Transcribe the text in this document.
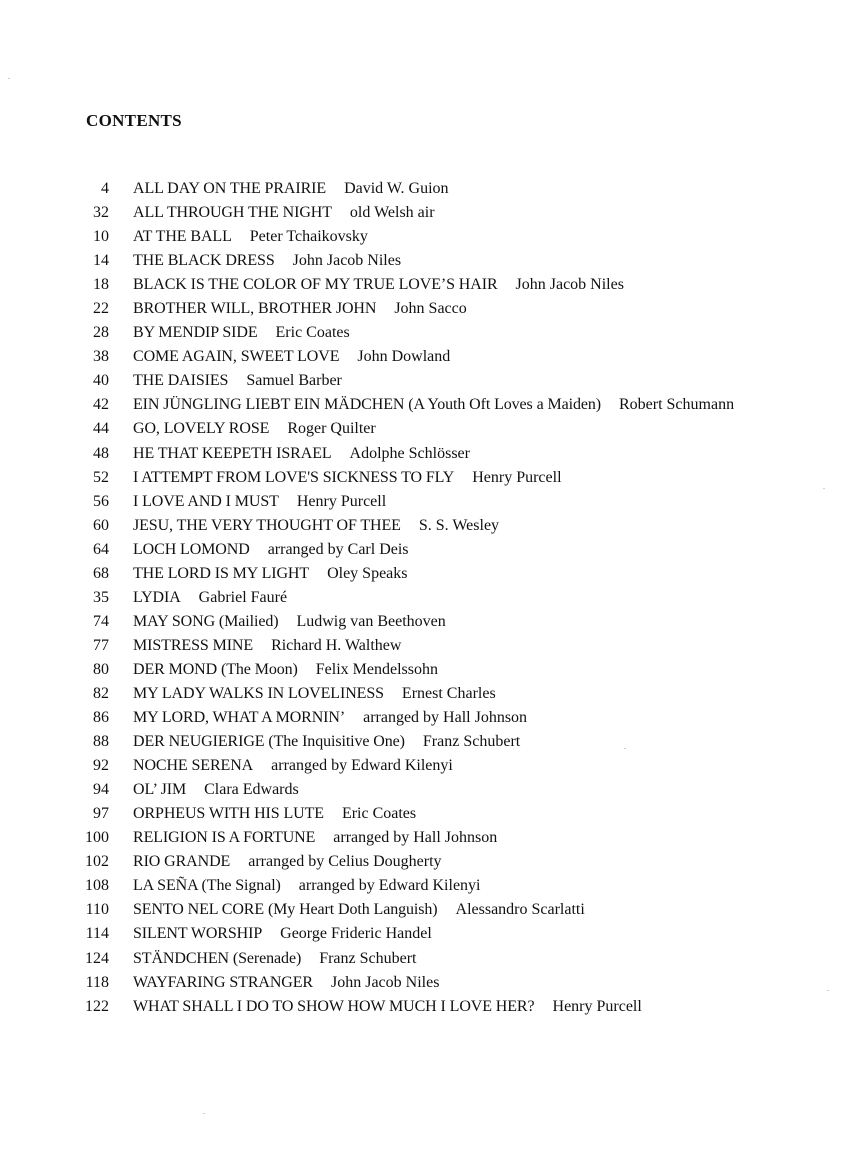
CONTENTS
4 ALL DAY ON THE PRAIRIE David W. Guion
32 ALL THROUGH THE NIGHT old Welsh air
10 AT THE BALL Peter Tchaikovsky
14 THE BLACK DRESS John Jacob Niles
18 BLACK IS THE COLOR OF MY TRUE LOVE’S HAIR John Jacob Niles
22 BROTHER WILL, BROTHER JOHN John Sacco
28 BY MENDIP SIDE Eric Coates
38 COME AGAIN, SWEET LOVE John Dowland
40 THE DAISIES Samuel Barber
42 EIN JÜNGLING LIEBT EIN MÄDCHEN (A Youth Oft Loves a Maiden) Robert Schumann
44 GO, LOVELY ROSE Roger Quilter
48 HE THAT KEEPETH ISRAEL Adolphe Schlösser
52 I ATTEMPT FROM LOVE'S SICKNESS TO FLY Henry Purcell
56 I LOVE AND I MUST Henry Purcell
60 JESU, THE VERY THOUGHT OF THEE S. S. Wesley
64 LOCH LOMOND arranged by Carl Deis
68 THE LORD IS MY LIGHT Oley Speaks
35 LYDIA Gabriel Fauré
74 MAY SONG (Mailied) Ludwig van Beethoven
77 MISTRESS MINE Richard H. Walthew
80 DER MOND (The Moon) Felix Mendelssohn
82 MY LADY WALKS IN LOVELINESS Ernest Charles
86 MY LORD, WHAT A MORNIN’ arranged by Hall Johnson
88 DER NEUGIERIGE (The Inquisitive One) Franz Schubert
92 NOCHE SERENA arranged by Edward Kilenyi
94 OL’ JIM Clara Edwards
97 ORPHEUS WITH HIS LUTE Eric Coates
100 RELIGION IS A FORTUNE arranged by Hall Johnson
102 RIO GRANDE arranged by Celius Dougherty
108 LA SEÑA (The Signal) arranged by Edward Kilenyi
110 SENTO NEL CORE (My Heart Doth Languish) Alessandro Scarlatti
114 SILENT WORSHIP George Frideric Handel
124 STÄNDCHEN (Serenade) Franz Schubert
118 WAYFARING STRANGER John Jacob Niles
122 WHAT SHALL I DO TO SHOW HOW MUCH I LOVE HER? Henry Purcell
